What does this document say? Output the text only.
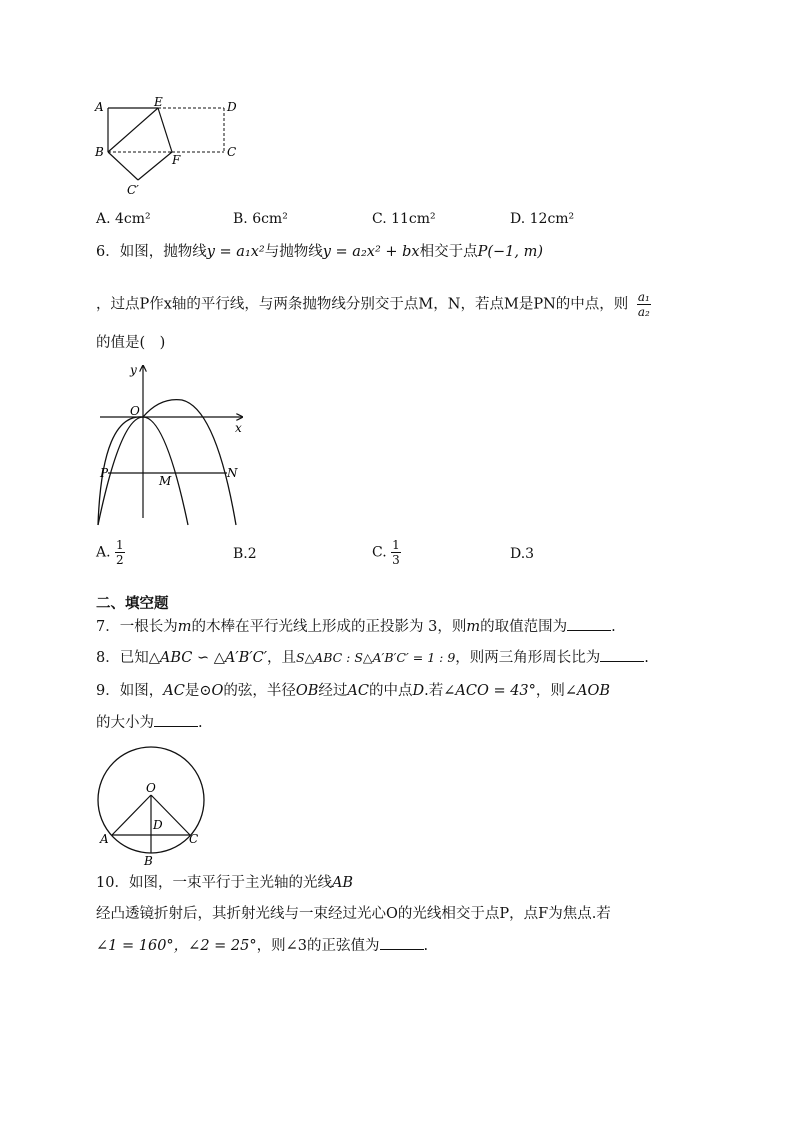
A	E	D
B
F
C
C′
A. 4cm²	B. 6cm²	C. 11cm²	D. 12cm²
6．如图，抛物线y = a₁x²与抛物线y = a₂x² + bx相交于点P(−1, m)
，过点P作x轴的平行线，与两条抛物线分别交于点M，N，若点M是PN的中点，则 $\frac{\text{a₁}}{\text{a₂}}$
的值是(　)
y
x
O
P
M
N
A. $\frac{1}{2}$	B.2	C. $\frac{1}{3}$	D.3
二、填空题
7．一根长为m的木棒在平行光线上形成的正投影为 3，则m的取值范围为	.
8．已知△ABC ∽ △A′B′C′，且S△ABC : S△A′B′C′ = 1 : 9，则两三角形周长比为	.
9．如图，AC是⊙O的弦，半径OB经过AC的中点D.若∠ACO = 43°，则∠AOB
的大小为	.
O
D
A
B
C
10．如图，一束平行于主光轴的光线AB
经凸透镜折射后，其折射光线与一束经过光心O的光线相交于点P，点F为焦点.若
∠1 = 160°，∠2 = 25°，则∠3的正弦值为	.
